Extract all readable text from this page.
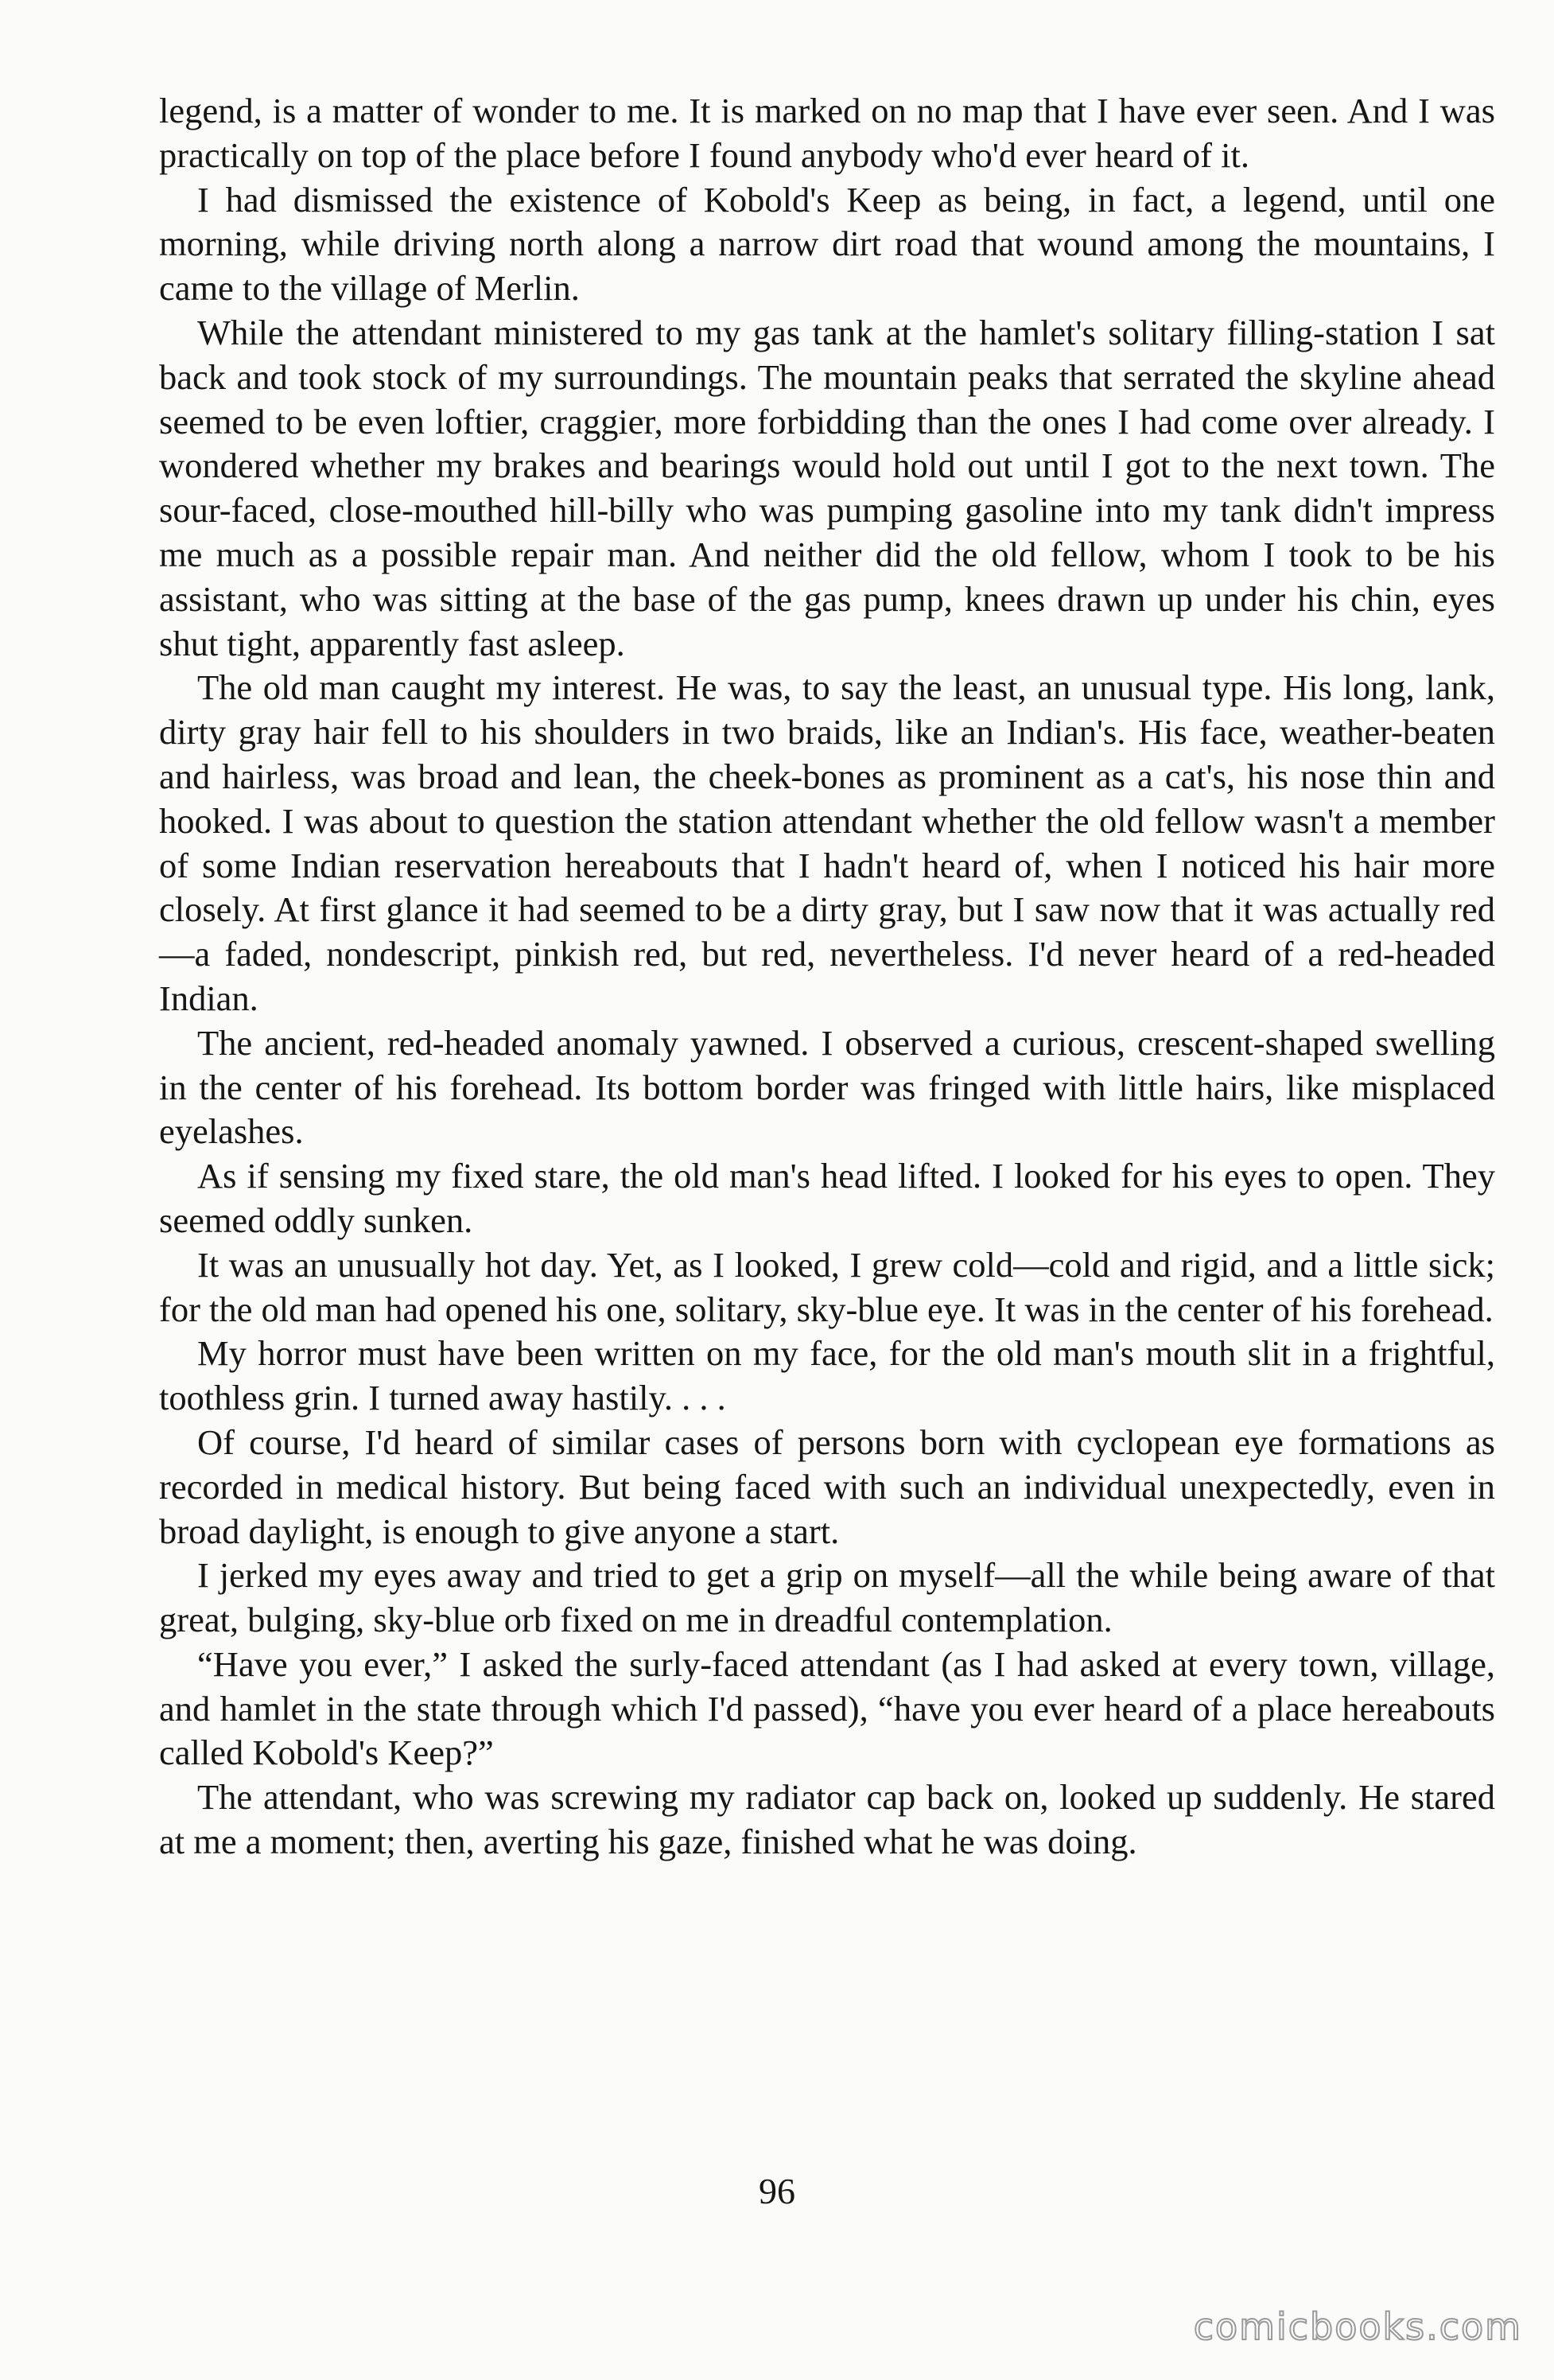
legend, is a matter of wonder to me. It is marked on no map that I have ever seen. And I was practically on top of the place before I found anybody who'd ever heard of it.

I had dismissed the existence of Kobold's Keep as being, in fact, a legend, until one morning, while driving north along a narrow dirt road that wound among the mountains, I came to the village of Merlin.

While the attendant ministered to my gas tank at the hamlet's solitary filling-station I sat back and took stock of my surroundings. The mountain peaks that serrated the skyline ahead seemed to be even loftier, craggier, more forbidding than the ones I had come over already. I wondered whether my brakes and bearings would hold out until I got to the next town. The sour-faced, close-mouthed hill-billy who was pumping gasoline into my tank didn't impress me much as a possible repair man. And neither did the old fellow, whom I took to be his assistant, who was sitting at the base of the gas pump, knees drawn up under his chin, eyes shut tight, apparently fast asleep.

The old man caught my interest. He was, to say the least, an unusual type. His long, lank, dirty gray hair fell to his shoulders in two braids, like an Indian's. His face, weather-beaten and hairless, was broad and lean, the cheek-bones as prominent as a cat's, his nose thin and hooked. I was about to question the station attendant whether the old fellow wasn't a member of some Indian reservation hereabouts that I hadn't heard of, when I noticed his hair more closely. At first glance it had seemed to be a dirty gray, but I saw now that it was actually red—a faded, nondescript, pinkish red, but red, nevertheless. I'd never heard of a red-headed Indian.

The ancient, red-headed anomaly yawned. I observed a curious, crescent-shaped swelling in the center of his forehead. Its bottom border was fringed with little hairs, like misplaced eyelashes.

As if sensing my fixed stare, the old man's head lifted. I looked for his eyes to open. They seemed oddly sunken.

It was an unusually hot day. Yet, as I looked, I grew cold—cold and rigid, and a little sick; for the old man had opened his one, solitary, sky-blue eye. It was in the center of his forehead.

My horror must have been written on my face, for the old man's mouth slit in a frightful, toothless grin. I turned away hastily. . . .

Of course, I'd heard of similar cases of persons born with cyclopean eye formations as recorded in medical history. But being faced with such an individual unexpectedly, even in broad daylight, is enough to give anyone a start.

I jerked my eyes away and tried to get a grip on myself—all the while being aware of that great, bulging, sky-blue orb fixed on me in dreadful contemplation.

“Have you ever,” I asked the surly-faced attendant (as I had asked at every town, village, and hamlet in the state through which I'd passed), “have you ever heard of a place hereabouts called Kobold's Keep?”

The attendant, who was screwing my radiator cap back on, looked up suddenly. He stared at me a moment; then, averting his gaze, finished what he was doing.

96
comicbooks.com
